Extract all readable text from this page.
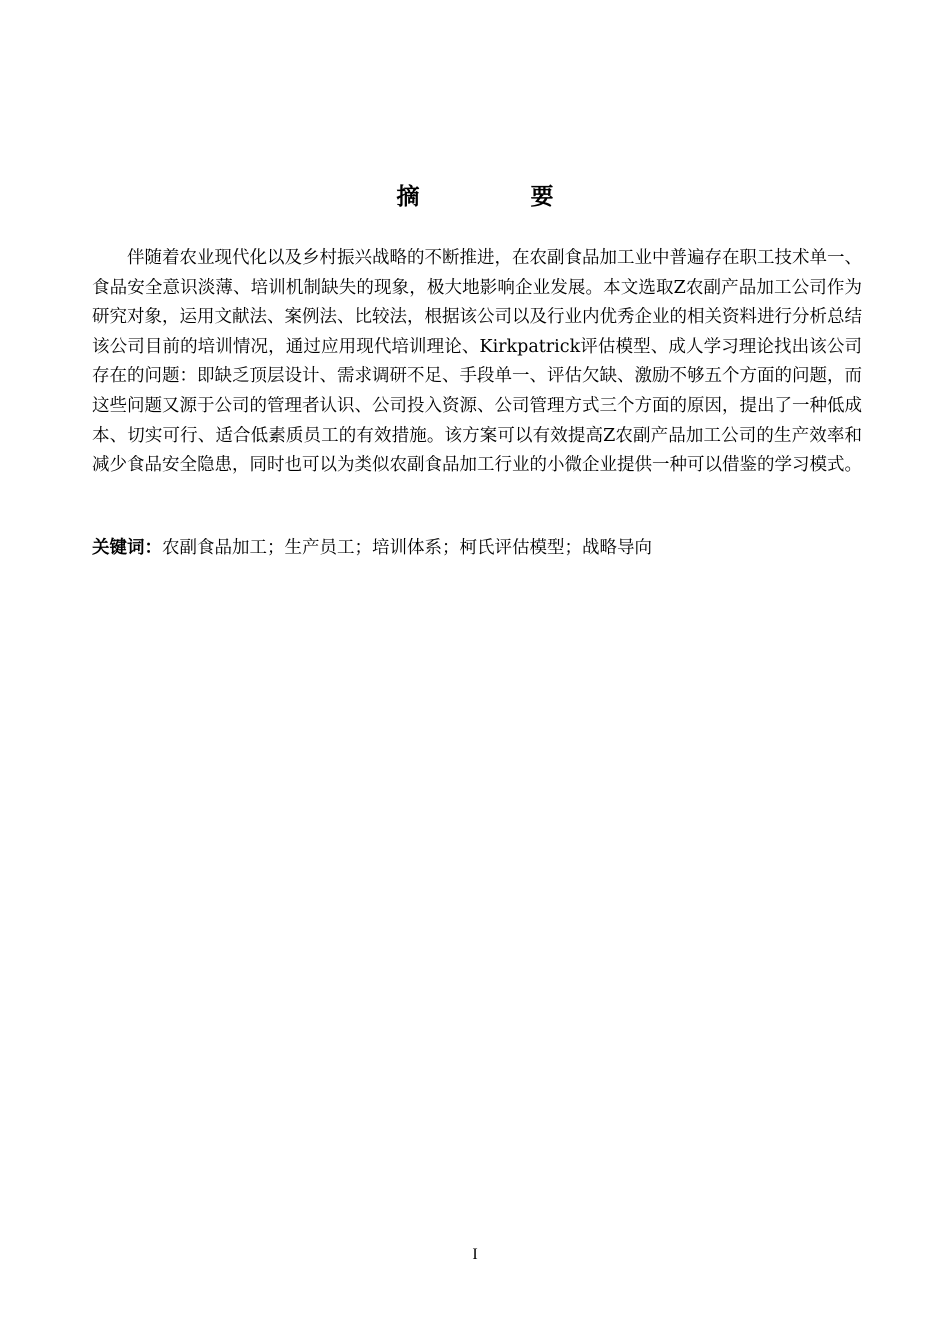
摘　要

伴随着农业现代化以及乡村振兴战略的不断推进，在农副食品加工业中普遍存在职工技术单一、食品安全意识淡薄、培训机制缺失的现象，极大地影响企业发展。本文选取Z农副产品加工公司作为研究对象，运用文献法、案例法、比较法，根据该公司以及行业内优秀企业的相关资料进行分析总结该公司目前的培训情况，通过应用现代培训理论、Kirkpatrick评估模型、成人学习理论找出该公司存在的问题：即缺乏顶层设计、需求调研不足、手段单一、评估欠缺、激励不够五个方面的问题，而这些问题又源于公司的管理者认识、公司投入资源、公司管理方式三个方面的原因，提出了一种低成本、切实可行、适合低素质员工的有效措施。该方案可以有效提高Z农副产品加工公司的生产效率和减少食品安全隐患，同时也可以为类似农副食品加工行业的小微企业提供一种可以借鉴的学习模式。

关键词：农副食品加工；生产员工；培训体系；柯氏评估模型；战略导向

I
